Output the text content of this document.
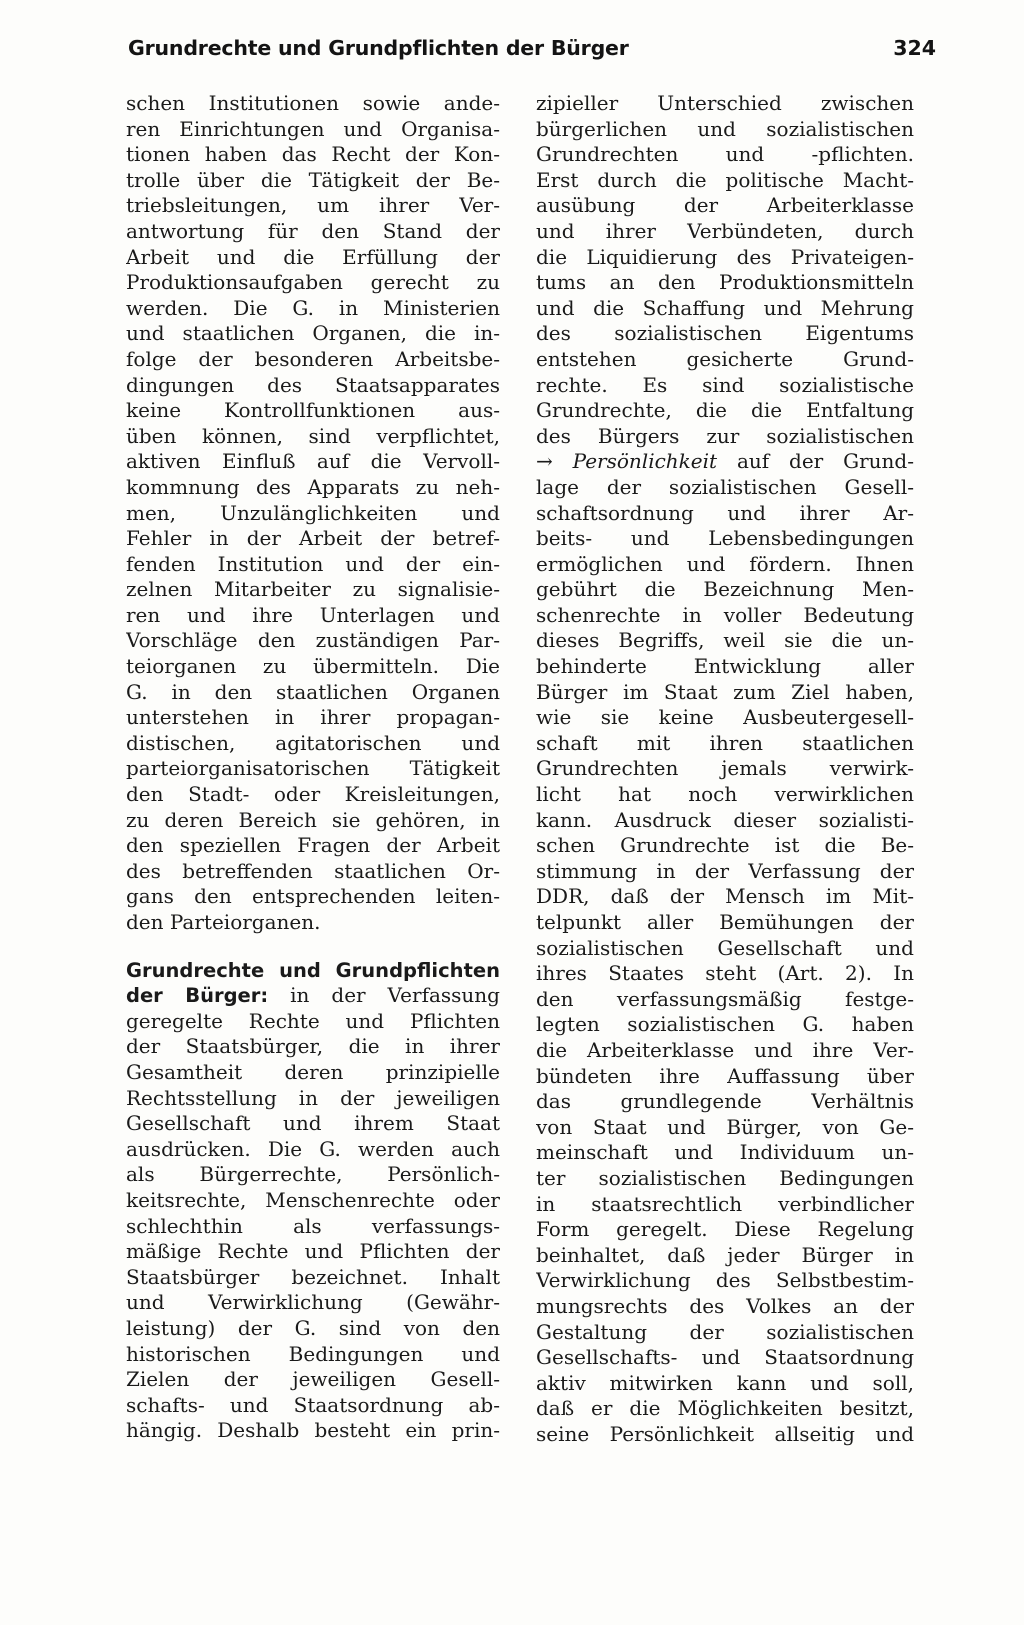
Grundrechte und Grundpflichten der Bürger	324
schen Institutionen sowie ande-
ren Einrichtungen und Organisa-
tionen haben das Recht der Kon-
trolle über die Tätigkeit der Be-
triebsleitungen, um ihrer Ver-
antwortung für den Stand der
Arbeit und die Erfüllung der
Produktionsaufgaben gerecht zu
werden. Die G. in Ministerien
und staatlichen Organen, die in-
folge der besonderen Arbeitsbe-
dingungen des Staatsapparates
keine Kontrollfunktionen aus-
üben können, sind verpflichtet,
aktiven Einfluß auf die Vervoll-
kommnung des Apparats zu neh-
men, Unzulänglichkeiten und
Fehler in der Arbeit der betref-
fenden Institution und der ein-
zelnen Mitarbeiter zu signalisie-
ren und ihre Unterlagen und
Vorschläge den zuständigen Par-
teiorganen zu übermitteln. Die
G. in den staatlichen Organen
unterstehen in ihrer propagan-
distischen, agitatorischen und
parteiorganisatorischen Tätigkeit
den Stadt- oder Kreisleitungen,
zu deren Bereich sie gehören, in
den speziellen Fragen der Arbeit
des betreffenden staatlichen Or-
gans den entsprechenden leiten-
den Parteiorganen.
Grundrechte und Grundpflichten
der Bürger: in der Verfassung
geregelte Rechte und Pflichten
der Staatsbürger, die in ihrer
Gesamtheit deren prinzipielle
Rechtsstellung in der jeweiligen
Gesellschaft und ihrem Staat
ausdrücken. Die G. werden auch
als Bürgerrechte, Persönlich-
keitsrechte, Menschenrechte oder
schlechthin als verfassungs-
mäßige Rechte und Pflichten der
Staatsbürger bezeichnet. Inhalt
und Verwirklichung (Gewähr-
leistung) der G. sind von den
historischen Bedingungen und
Zielen der jeweiligen Gesell-
schafts- und Staatsordnung ab-
hängig. Deshalb besteht ein prin-
zipieller Unterschied zwischen
bürgerlichen und sozialistischen
Grundrechten und -pflichten.
Erst durch die politische Macht-
ausübung der Arbeiterklasse
und ihrer Verbündeten, durch
die Liquidierung des Privateigen-
tums an den Produktionsmitteln
und die Schaffung und Mehrung
des sozialistischen Eigentums
entstehen gesicherte Grund-
rechte. Es sind sozialistische
Grundrechte, die die Entfaltung
des Bürgers zur sozialistischen
→ Persönlichkeit auf der Grund-
lage der sozialistischen Gesell-
schaftsordnung und ihrer Ar-
beits- und Lebensbedingungen
ermöglichen und fördern. Ihnen
gebührt die Bezeichnung Men-
schenrechte in voller Bedeutung
dieses Begriffs, weil sie die un-
behinderte Entwicklung aller
Bürger im Staat zum Ziel haben,
wie sie keine Ausbeutergesell-
schaft mit ihren staatlichen
Grundrechten jemals verwirk-
licht hat noch verwirklichen
kann. Ausdruck dieser sozialisti-
schen Grundrechte ist die Be-
stimmung in der Verfassung der
DDR, daß der Mensch im Mit-
telpunkt aller Bemühungen der
sozialistischen Gesellschaft und
ihres Staates steht (Art. 2). In
den verfassungsmäßig festge-
legten sozialistischen G. haben
die Arbeiterklasse und ihre Ver-
bündeten ihre Auffassung über
das grundlegende Verhältnis
von Staat und Bürger, von Ge-
meinschaft und Individuum un-
ter sozialistischen Bedingungen
in staatsrechtlich verbindlicher
Form geregelt. Diese Regelung
beinhaltet, daß jeder Bürger in
Verwirklichung des Selbstbestim-
mungsrechts des Volkes an der
Gestaltung der sozialistischen
Gesellschafts- und Staatsordnung
aktiv mitwirken kann und soll,
daß er die Möglichkeiten besitzt,
seine Persönlichkeit allseitig und
